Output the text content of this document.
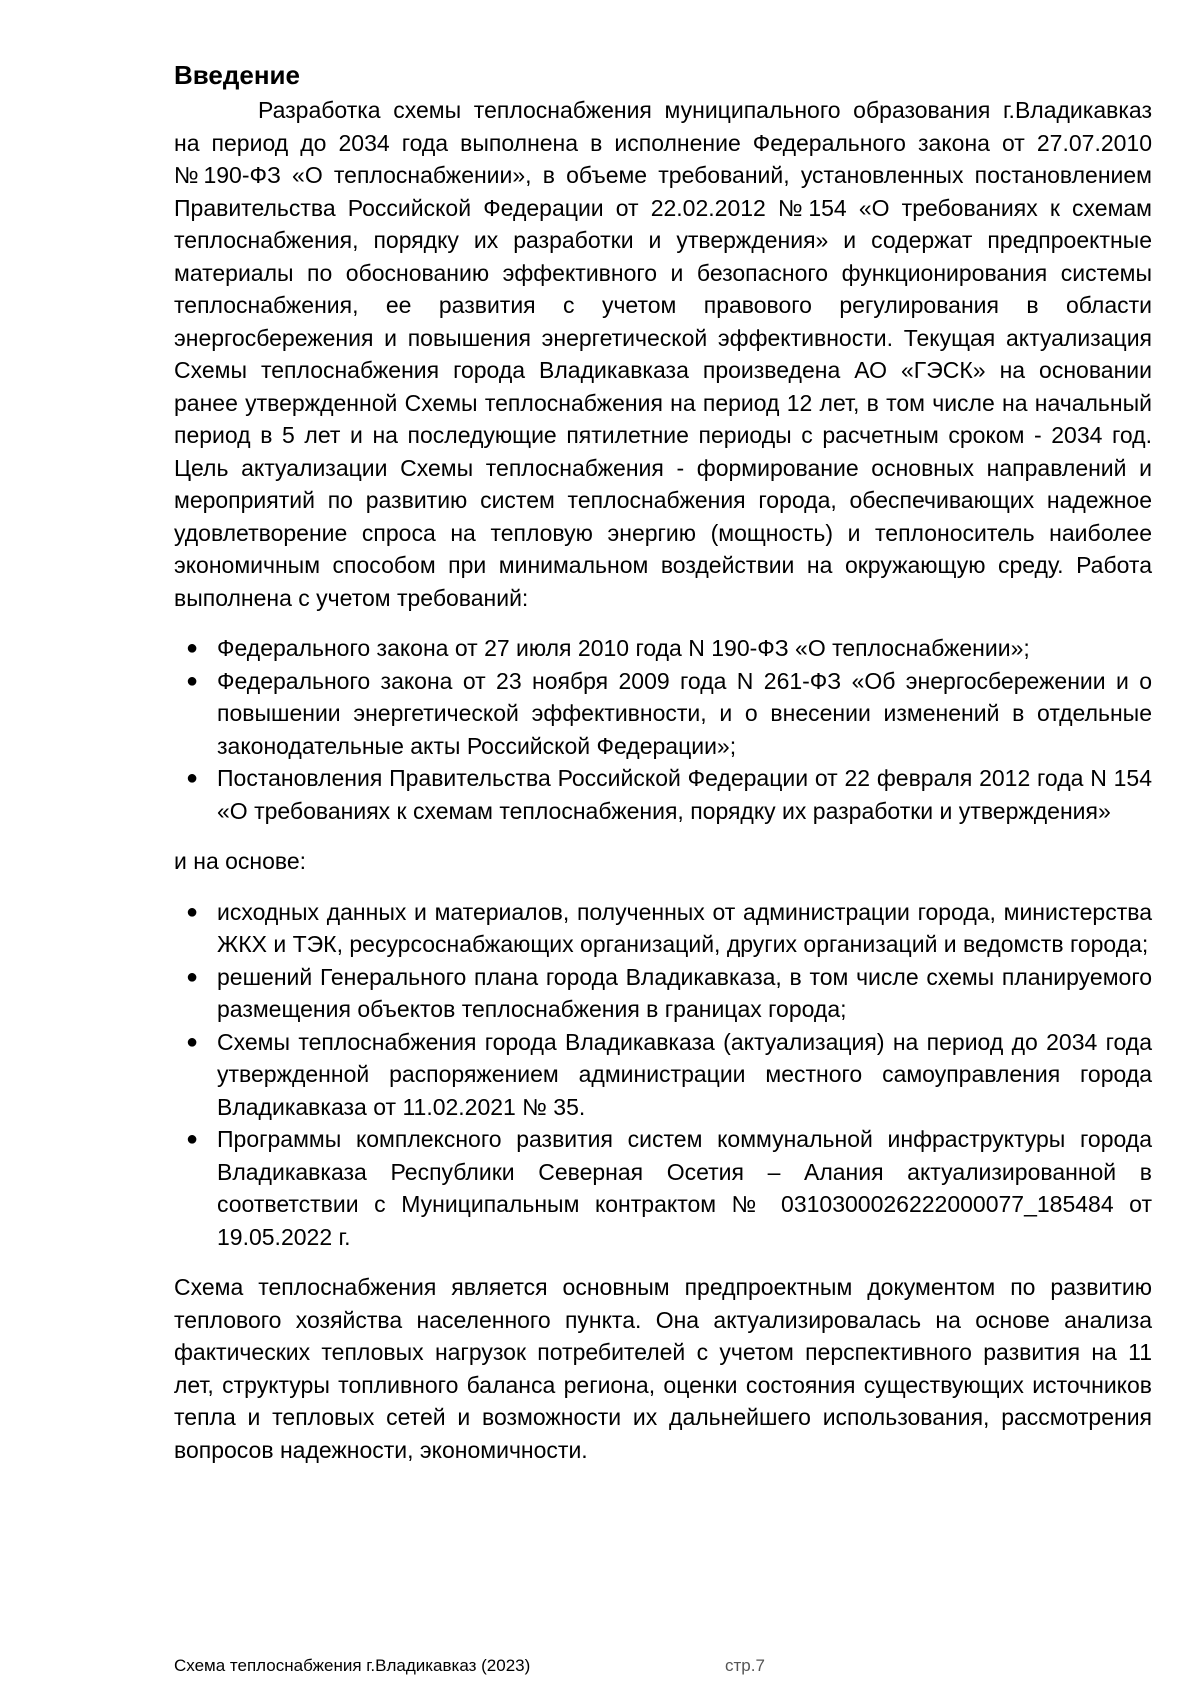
Введение

Разработка схемы теплоснабжения муниципального образования г.Владикавказ на период до 2034 года выполнена в исполнение Федерального закона от 27.07.2010 №190-ФЗ «О теплоснабжении», в объеме требований, установленных постановлением Правительства Российской Федерации от 22.02.2012 №154 «О требованиях к схемам теплоснабжения, порядку их разработки и утверждения» и содержат предпроектные материалы по обоснованию эффективного и безопасного функционирования системы теплоснабжения, ее развития с учетом правового регулирования в области энергосбережения и повышения энергетической эффективности. Текущая актуализация Схемы теплоснабжения города Владикавказа произведена АО «ГЭСК» на основании ранее утвержденной Схемы теплоснабжения на период 12 лет, в том числе на начальный период в 5 лет и на последующие пятилетние периоды с расчетным сроком - 2034 год. Цель актуализации Схемы теплоснабжения - формирование основных направлений и мероприятий по развитию систем теплоснабжения города, обеспечивающих надежное удовлетворение спроса на тепловую энергию (мощность) и теплоноситель наиболее экономичным способом при минимальном воздействии на окружающую среду. Работа выполнена с учетом требований:

● Федерального закона от 27 июля 2010 года N 190-ФЗ «О теплоснабжении»;
● Федерального закона от 23 ноября 2009 года N 261-ФЗ «Об энергосбережении и о повышении энергетической эффективности, и о внесении изменений в отдельные законодательные акты Российской Федерации»;
● Постановления Правительства Российской Федерации от 22 февраля 2012 года N 154 «О требованиях к схемам теплоснабжения, порядку их разработки и утверждения»

и на основе:

● исходных данных и материалов, полученных от администрации города, министерства ЖКХ и ТЭК, ресурсоснабжающих организаций, других организаций и ведомств города;
● решений Генерального плана города Владикавказа, в том числе схемы планируемого размещения объектов теплоснабжения в границах города;
● Схемы теплоснабжения города Владикавказа (актуализация) на период до 2034 года утвержденной распоряжением администрации местного самоуправления города Владикавказа от 11.02.2021 № 35.
● Программы комплексного развития систем коммунальной инфраструктуры города Владикавказа Республики Северная Осетия – Алания актуализированной в соответствии с Муниципальным контрактом № 0310300026222000077_185484 от 19.05.2022 г.

Схема теплоснабжения является основным предпроектным документом по развитию теплового хозяйства населенного пункта. Она актуализировалась на основе анализа фактических тепловых нагрузок потребителей с учетом перспективного развития на 11 лет, структуры топливного баланса региона, оценки состояния существующих источников тепла и тепловых сетей и возможности их дальнейшего использования, рассмотрения вопросов надежности, экономичности.

Схема теплоснабжения г.Владикавказ (2023)	стр.7
